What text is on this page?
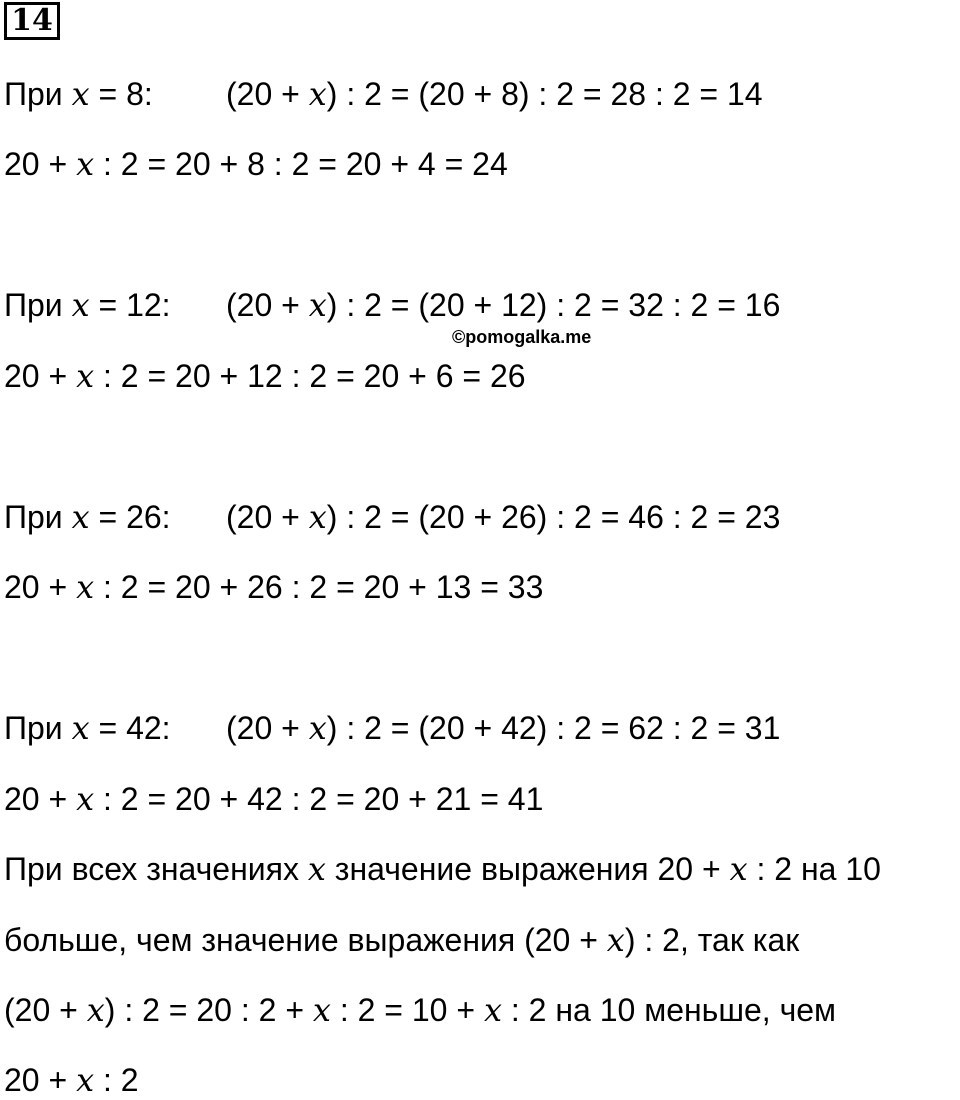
14
©pomogalka.me
При x = 8: (20 + x) : 2 = (20 + 8) : 2 = 28 : 2 = 14
20 + x : 2 = 20 + 8 : 2 = 20 + 4 = 24
При x = 12: (20 + x) : 2 = (20 + 12) : 2 = 32 : 2 = 16
20 + x : 2 = 20 + 12 : 2 = 20 + 6 = 26
При x = 26: (20 + x) : 2 = (20 + 26) : 2 = 46 : 2 = 23
20 + x : 2 = 20 + 26 : 2 = 20 + 13 = 33
При x = 42: (20 + x) : 2 = (20 + 42) : 2 = 62 : 2 = 31
20 + x : 2 = 20 + 42 : 2 = 20 + 21 = 41
При всех значениях x значение выражения 20 + x : 2 на 10
больше, чем значение выражения (20 + x) : 2, так как
(20 + x) : 2 = 20 : 2 + x : 2 = 10 + x : 2 на 10 меньше, чем
20 + x : 2
